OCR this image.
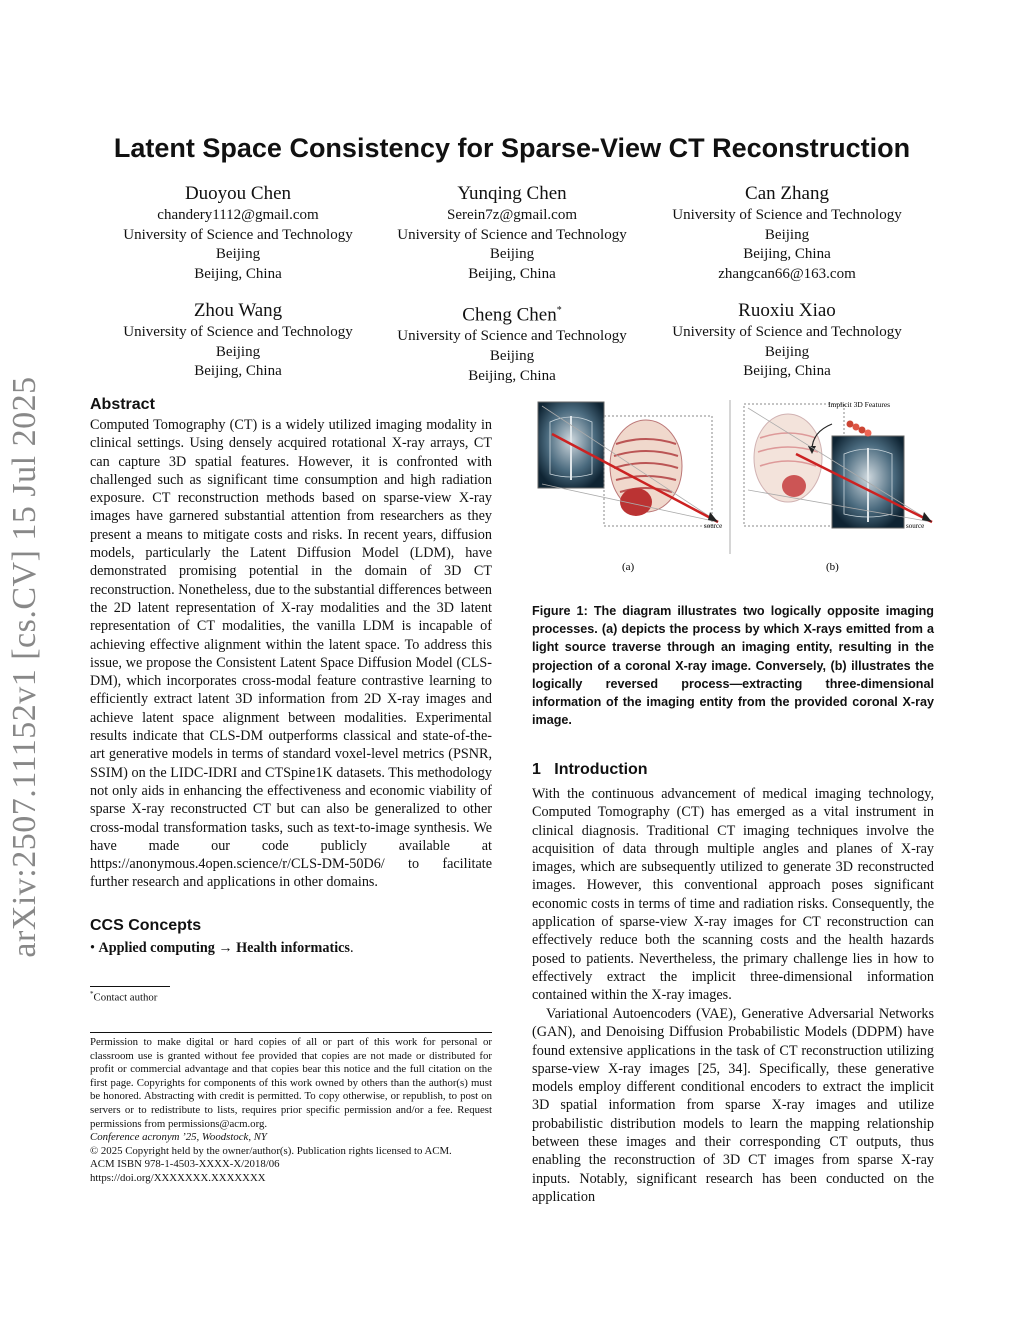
arXiv:2507.11152v1 [cs.CV] 15 Jul 2025
Latent Space Consistency for Sparse-View CT Reconstruction
Duoyou Chen
chandery1112@gmail.com
University of Science and Technology
Beijing
Beijing, China
Yunqing Chen
Serein7z@gmail.com
University of Science and Technology
Beijing
Beijing, China
Can Zhang
University of Science and Technology
Beijing
Beijing, China
zhangcan66@163.com
Zhou Wang
University of Science and Technology
Beijing
Beijing, China
Cheng Chen*
University of Science and Technology
Beijing
Beijing, China
Ruoxiu Xiao
University of Science and Technology
Beijing
Beijing, China
Abstract
Computed Tomography (CT) is a widely utilized imaging modality in clinical settings. Using densely acquired rotational X-ray arrays, CT can capture 3D spatial features. However, it is confronted with challenged such as significant time consumption and high radiation exposure. CT reconstruction methods based on sparse-view X-ray images have garnered substantial attention from researchers as they present a means to mitigate costs and risks. In recent years, diffusion models, particularly the Latent Diffusion Model (LDM), have demonstrated promising potential in the domain of 3D CT reconstruction. Nonetheless, due to the substantial differences between the 2D latent representation of X-ray modalities and the 3D latent representation of CT modalities, the vanilla LDM is incapable of achieving effective alignment within the latent space. To address this issue, we propose the Consistent Latent Space Diffusion Model (CLS-DM), which incorporates cross-modal feature contrastive learning to efficiently extract latent 3D information from 2D X-ray images and achieve latent space alignment between modalities. Experimental results indicate that CLS-DM outperforms classical and state-of-the-art generative models in terms of standard voxel-level metrics (PSNR, SSIM) on the LIDC-IDRI and CTSpine1K datasets. This methodology not only aids in enhancing the effectiveness and economic viability of sparse X-ray reconstructed CT but can also be generalized to other cross-modal transformation tasks, such as text-to-image synthesis. We have made our code publicly available at https://anonymous.4open.science/r/CLS-DM-50D6/ to facilitate further research and applications in other domains.
CCS Concepts
• Applied computing → Health informatics.
*Contact author
Permission to make digital or hard copies of all or part of this work for personal or classroom use is granted without fee provided that copies are not made or distributed for profit or commercial advantage and that copies bear this notice and the full citation on the first page. Copyrights for components of this work owned by others than the author(s) must be honored. Abstracting with credit is permitted. To copy otherwise, or republish, to post on servers or to redistribute to lists, requires prior specific permission and/or a fee. Request permissions from permissions@acm.org.
Conference acronym ’25, Woodstock, NY
© 2025 Copyright held by the owner/author(s). Publication rights licensed to ACM.
ACM ISBN 978-1-4503-XXXX-X/2018/06
https://doi.org/XXXXXXX.XXXXXXX
source
(a)
Implicit 3D Features
source
(b)
Figure 1: The diagram illustrates two logically opposite imaging processes. (a) depicts the process by which X-rays emitted from a light source traverse through an imaging entity, resulting in the projection of a coronal X-ray image. Conversely, (b) illustrates the logically reversed process—extracting three-dimensional information of the imaging entity from the provided coronal X-ray image.
1 Introduction
With the continuous advancement of medical imaging technology, Computed Tomography (CT) has emerged as a vital instrument in clinical diagnosis. Traditional CT imaging techniques involve the acquisition of data through multiple angles and planes of X-ray images, which are subsequently utilized to generate 3D reconstructed images. However, this conventional approach poses significant economic costs in terms of time and radiation risks. Consequently, the application of sparse-view X-ray images for CT reconstruction can effectively reduce both the scanning costs and the health hazards posed to patients. Nevertheless, the primary challenge lies in how to effectively extract the implicit three-dimensional information contained within the X-ray images.
Variational Autoencoders (VAE), Generative Adversarial Networks (GAN), and Denoising Diffusion Probabilistic Models (DDPM) have found extensive applications in the task of CT reconstruction utilizing sparse-view X-ray images [25, 34]. Specifically, these generative models employ different conditional encoders to extract the implicit 3D spatial information from sparse X-ray images and utilize probabilistic distribution models to learn the mapping relationship between these images and their corresponding CT outputs, thus enabling the reconstruction of 3D CT images from sparse X-ray inputs. Notably, significant research has been conducted on the application
